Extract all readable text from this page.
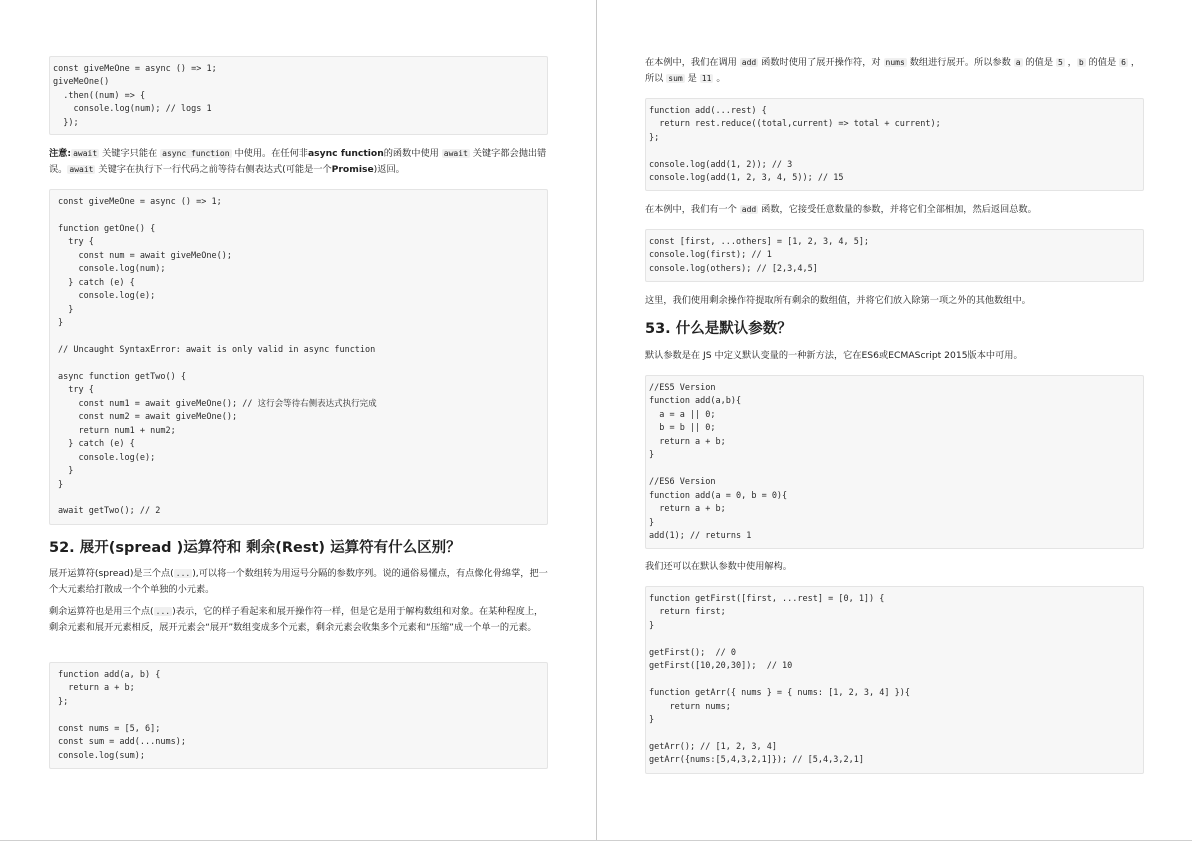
const giveMeOne = async () => 1;
giveMeOne()
.then((num) => {
console.log(num); // logs 1
});
注意: await 关键字只能在 async function 中使用。在任何非async function的函数中使用 await 关键字都会抛出错误。 await 关键字在执行下一行代码之前等待右侧表达式(可能是一个Promise)返回。
const giveMeOne = async () => 1;

function getOne() {
try {
const num = await giveMeOne();
console.log(num);
} catch (e) {
console.log(e);
}
}

// Uncaught SyntaxError: await is only valid in async function

async function getTwo() {
try {
const num1 = await giveMeOne(); // 这行会等待右侧表达式执行完成
const num2 = await giveMeOne();
return num1 + num2;
} catch (e) {
console.log(e);
}
}

await getTwo(); // 2
52. 展开(spread )运算符和 剩余(Rest) 运算符有什么区别？
展开运算符(spread)是三个点( ... ),可以将一个数组转为用逗号分隔的参数序列。说的通俗易懂点，有点像化骨绵掌，把一个大元素给打散成一个个单独的小元素。
剩余运算符也是用三个点( ... )表示，它的样子看起来和展开操作符一样，但是它是用于解构数组和对象。在某种程度上，剩余元素和展开元素相反，展开元素会“展开”数组变成多个元素，剩余元素会收集多个元素和“压缩”成一个单一的元素。
function add(a, b) {
return a + b;
};

const nums = [5, 6];
const sum = add(...nums);
console.log(sum);
在本例中，我们在调用 add 函数时使用了展开操作符，对 nums 数组进行展开。所以参数 a 的值是 5 ， b 的值是 6 ，所以 sum 是 11 。
function add(...rest) {
return rest.reduce((total,current) => total + current);
};

console.log(add(1, 2)); // 3
console.log(add(1, 2, 3, 4, 5)); // 15
在本例中，我们有一个 add 函数，它接受任意数量的参数，并将它们全部相加，然后返回总数。
const [first, ...others] = [1, 2, 3, 4, 5];
console.log(first); // 1
console.log(others); // [2,3,4,5]
这里，我们使用剩余操作符提取所有剩余的数组值，并将它们放入除第一项之外的其他数组中。
53. 什么是默认参数？
默认参数是在 JS 中定义默认变量的一种新方法，它在ES6或ECMAScript 2015版本中可用。
//ES5 Version
function add(a,b){
a = a || 0;
b = b || 0;
return a + b;
}

//ES6 Version
function add(a = 0, b = 0){
return a + b;
}
add(1); // returns 1
我们还可以在默认参数中使用解构。
function getFirst([first, ...rest] = [0, 1]) {
return first;
}

getFirst();  // 0
getFirst([10,20,30]);  // 10

function getArr({ nums } = { nums: [1, 2, 3, 4] }){
return nums;
}

getArr(); // [1, 2, 3, 4]
getArr({nums:[5,4,3,2,1]}); // [5,4,3,2,1]
